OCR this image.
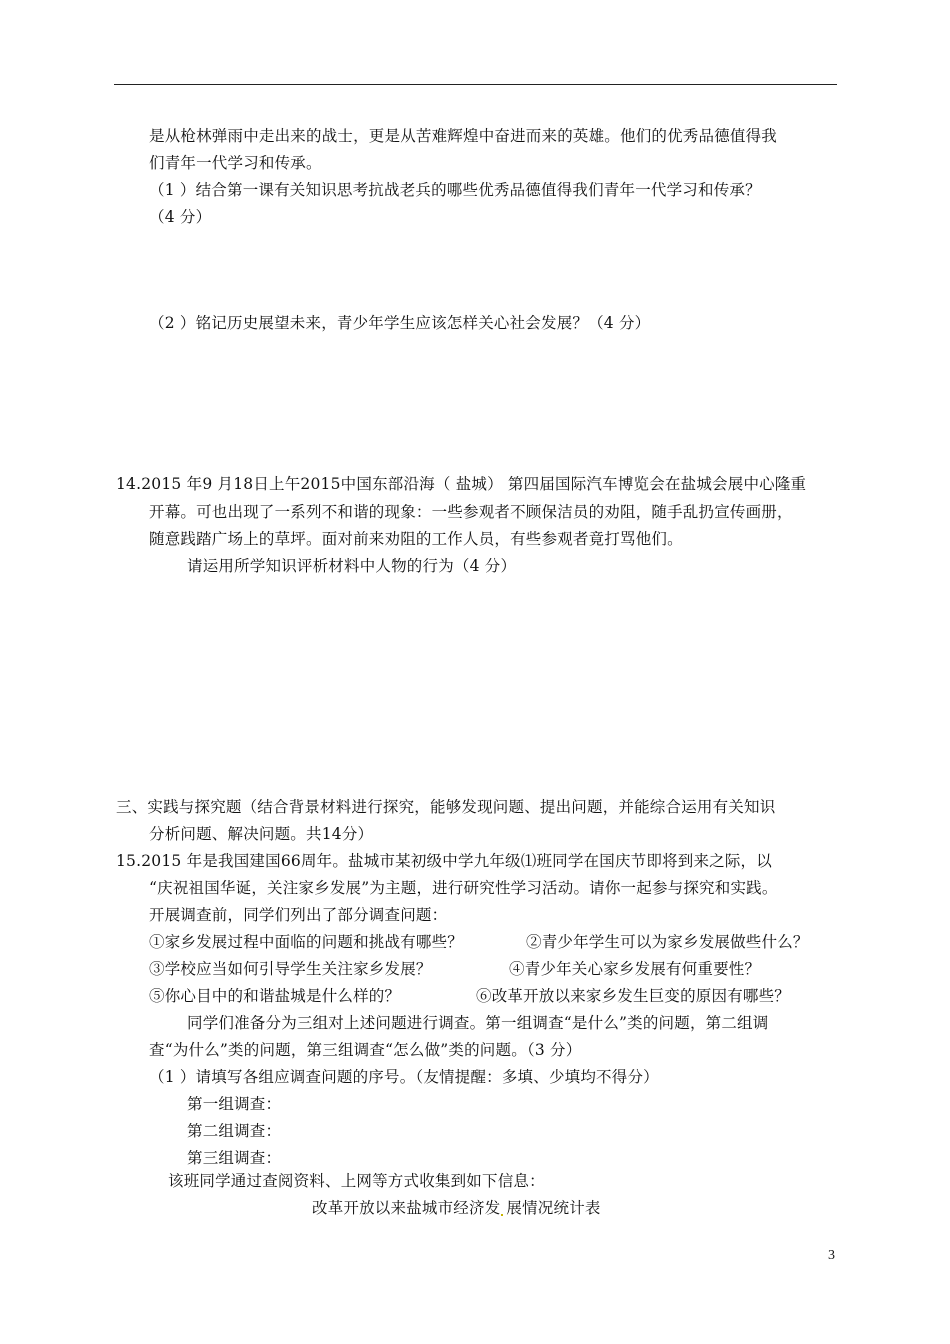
是从枪林弹雨中走出来的战士，更是从苦难辉煌中奋进而来的英雄。他们的优秀品德值得我
们青年一代学习和传承。
（1 ）结合第一课有关知识思考抗战老兵的哪些优秀品德值得我们青年一代学习和传承？
（4 分）
（2 ）铭记历史展望未来，青少年学生应该怎样关心社会发展？（4 分）
14.2015 年9 月18日上午2015中国东部沿海（ 盐城） 第四届国际汽车博览会在盐城会展中心隆重
开幕。可也出现了一系列不和谐的现象：一些参观者不顾保洁员的劝阻，随手乱扔宣传画册，
随意践踏广场上的草坪。面对前来劝阻的工作人员，有些参观者竟打骂他们。
请运用所学知识评析材料中人物的行为（4 分）
三、实践与探究题（结合背景材料进行探究，能够发现问题、提出问题，并能综合运用有关知识
分析问题、解决问题。共14分）
15.2015 年是我国建国66周年。盐城市某初级中学九年级⑴班同学在国庆节即将到来之际，以
“庆祝祖国华诞，关注家乡发展”为主题，进行研究性学习活动。请你一起参与探究和实践。
开展调查前，同学们列出了部分调查问题：
①家乡发展过程中面临的问题和挑战有哪些？	②青少年学生可以为家乡发展做些什么？
③学校应当如何引导学生关注家乡发展？	④青少年关心家乡发展有何重要性？
⑤你心目中的和谐盐城是什么样的？	⑥改革开放以来家乡发生巨变的原因有哪些？
同学们准备分为三组对上述问题进行调查。第一组调查“是什么”类的问题，第二组调
查“为什么”类的问题，第三组调查“怎么做”类的问题。（3 分）
（1 ）请填写各组应调查问题的序号。（友情提醒：多填、少填均不得分）
第一组调查：
第二组调查：
第三组调查：
该班同学通过查阅资料、上网等方式收集到如下信息：
改革开放以来盐城市经济发 展情况统计表
3
